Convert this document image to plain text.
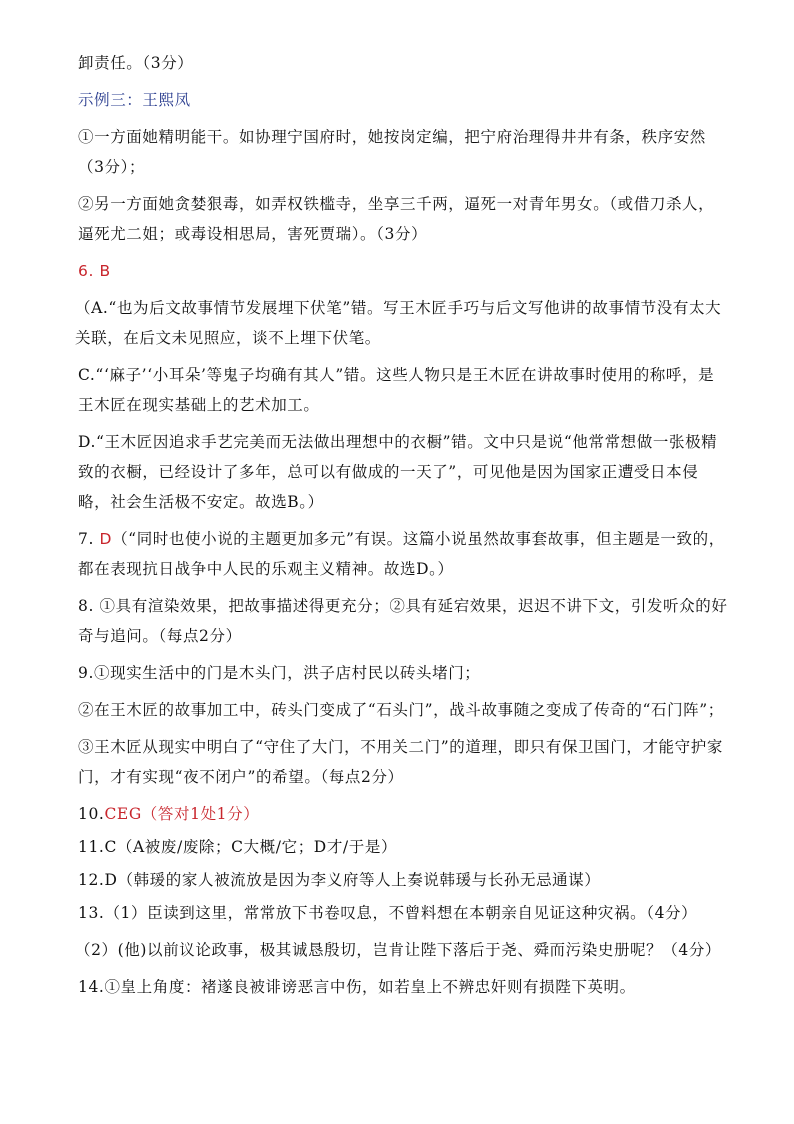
卸责任。（3分）

示例三：王熙凤

①一方面她精明能干。如协理宁国府时，她按岗定编，把宁府治理得井井有条，秩序安然（3分）；

②另一方面她贪婪狠毒，如弄权铁槛寺，坐享三千两，逼死一对青年男女。（或借刀杀人，逼死尤二姐；或毒设相思局，害死贾瑞）。（3分）

6. B

（A.“也为后文故事情节发展埋下伏笔”错。写王木匠手巧与后文写他讲的故事情节没有太大关联，在后文未见照应，谈不上埋下伏笔。

C.“‘麻子’‘小耳朵’等鬼子均确有其人”错。这些人物只是王木匠在讲故事时使用的称呼，是王木匠在现实基础上的艺术加工。

D.“王木匠因追求手艺完美而无法做出理想中的衣橱”错。文中只是说“他常常想做一张极精致的衣橱，已经设计了多年，总可以有做成的一天了”，可见他是因为国家正遭受日本侵略，社会生活极不安定。故选B。）

7. D（“同时也使小说的主题更加多元”有误。这篇小说虽然故事套故事，但主题是一致的，都在表现抗日战争中人民的乐观主义精神。故选D。）

8. ①具有渲染效果，把故事描述得更充分；②具有延宕效果，迟迟不讲下文，引发听众的好奇与追问。（每点2分）

9.①现实生活中的门是木头门，洪子店村民以砖头堵门；

②在王木匠的故事加工中，砖头门变成了“石头门”，战斗故事随之变成了传奇的“石门阵”；

③王木匠从现实中明白了“守住了大门，不用关二门”的道理，即只有保卫国门，才能守护家门，才有实现“夜不闭户”的希望。（每点2分）

10.CEG（答对1处1分）

11.C（A被废/废除；C大概/它；D才/于是）

12.D（韩瑗的家人被流放是因为李义府等人上奏说韩瑗与长孙无忌通谋）

13.（1）臣读到这里，常常放下书卷叹息，不曾料想在本朝亲自见证这种灾祸。（4分）

（2）(他)以前议论政事，极其诚恳殷切，岂肯让陛下落后于尧、舜而污染史册呢？（4分）

14.①皇上角度：褚遂良被诽谤恶言中伤，如若皇上不辨忠奸则有损陛下英明。
